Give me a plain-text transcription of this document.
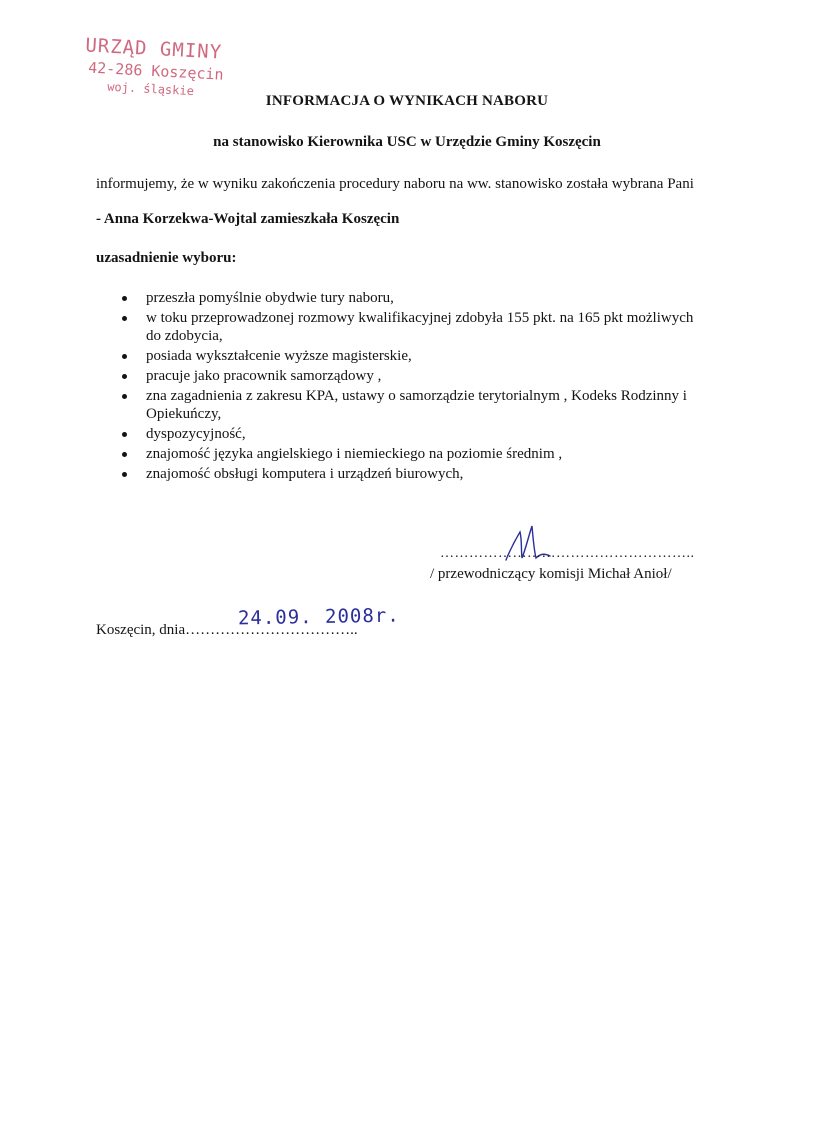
URZĄD GMINY
42-286 Koszęcin
woj. śląskie
INFORMACJA O WYNIKACH NABORU
na stanowisko Kierownika USC w Urzędzie Gminy Koszęcin
informujemy, że w wyniku zakończenia procedury naboru na ww. stanowisko została wybrana Pani
- Anna Korzekwa-Wojtal zamieszkała Koszęcin
uzasadnienie wyboru:
przeszła pomyślnie obydwie tury naboru,
w toku przeprowadzonej rozmowy kwalifikacyjnej zdobyła 155 pkt. na 165 pkt możliwych do zdobycia,
posiada wykształcenie wyższe magisterskie,
pracuje jako pracownik samorządowy ,
zna zagadnienia z zakresu KPA, ustawy o samorządzie terytorialnym , Kodeks Rodzinny i Opiekuńczy,
dyspozycyjność,
znajomość języka angielskiego i niemieckiego na poziomie średnim ,
znajomość obsługi komputera i urządzeń biurowych,
……………………………………………..
/ przewodniczący komisji Michał Anioł/
Koszęcin, dnia……………………………..
24.09. 2008r.
